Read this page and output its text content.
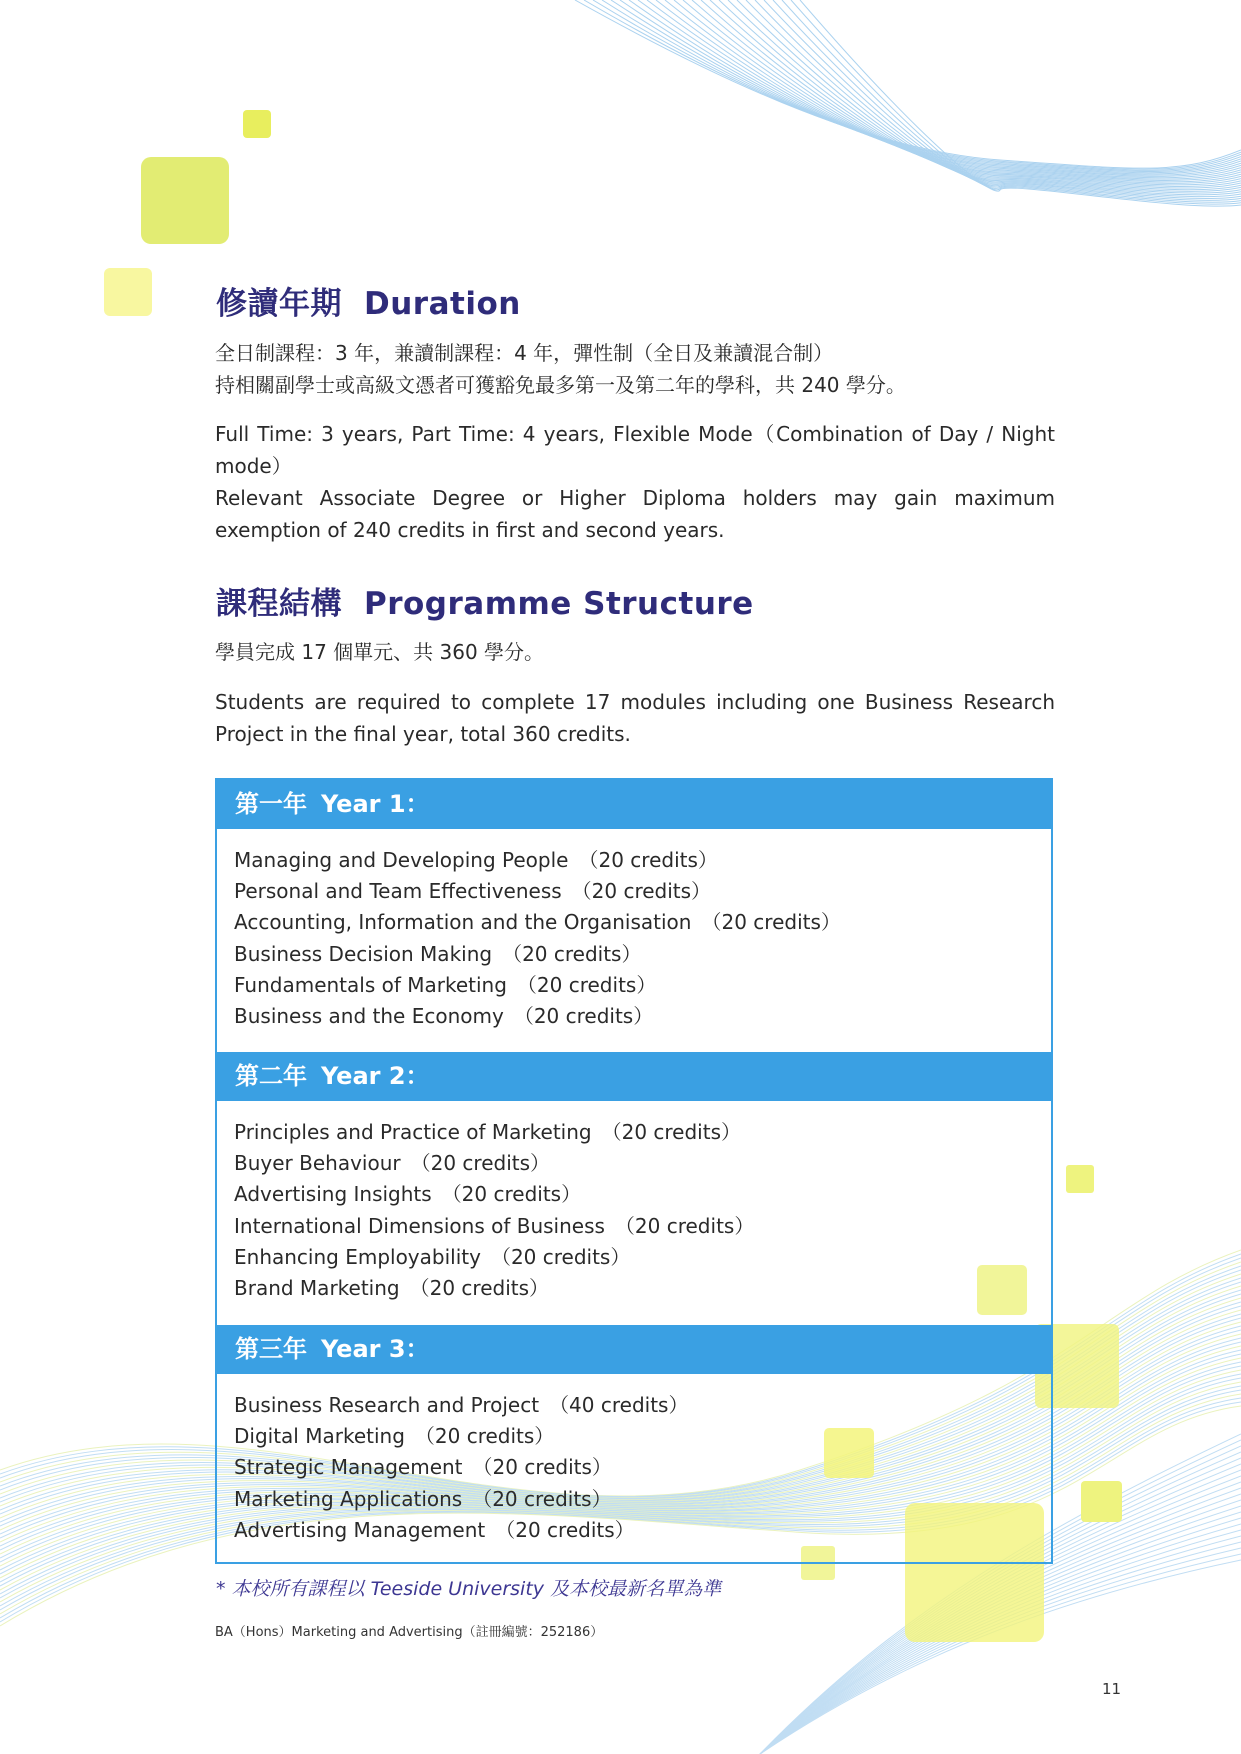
修讀年期 Duration

全日制課程：3 年，兼讀制課程：4 年，彈性制（全日及兼讀混合制）
持相關副學士或高級文憑者可獲豁免最多第一及第二年的學科，共 240 學分。

Full Time: 3 years, Part Time: 4 years, Flexible Mode（Combination of Day / Night mode）
Relevant Associate Degree or Higher Diploma holders may gain maximum exemption of 240 credits in first and second years.

課程結構 Programme Structure

學員完成 17 個單元、共 360 學分。

Students are required to complete 17 modules including one Business Research Project in the final year, total 360 credits.

第一年 Year 1：
Managing and Developing People （20 credits）
Personal and Team Effectiveness （20 credits）
Accounting, Information and the Organisation （20 credits）
Business Decision Making （20 credits）
Fundamentals of Marketing （20 credits）
Business and the Economy （20 credits）
第二年 Year 2：
Principles and Practice of Marketing （20 credits）
Buyer Behaviour （20 credits）
Advertising Insights （20 credits）
International Dimensions of Business （20 credits）
Enhancing Employability （20 credits）
Brand Marketing （20 credits）
第三年 Year 3：
Business Research and Project （40 credits）
Digital Marketing （20 credits）
Strategic Management （20 credits）
Marketing Applications （20 credits）
Advertising Management （20 credits）

* 本校所有課程以 Teeside University 及本校最新名單為準

BA（Hons）Marketing and Advertising（註冊編號：252186）

11
